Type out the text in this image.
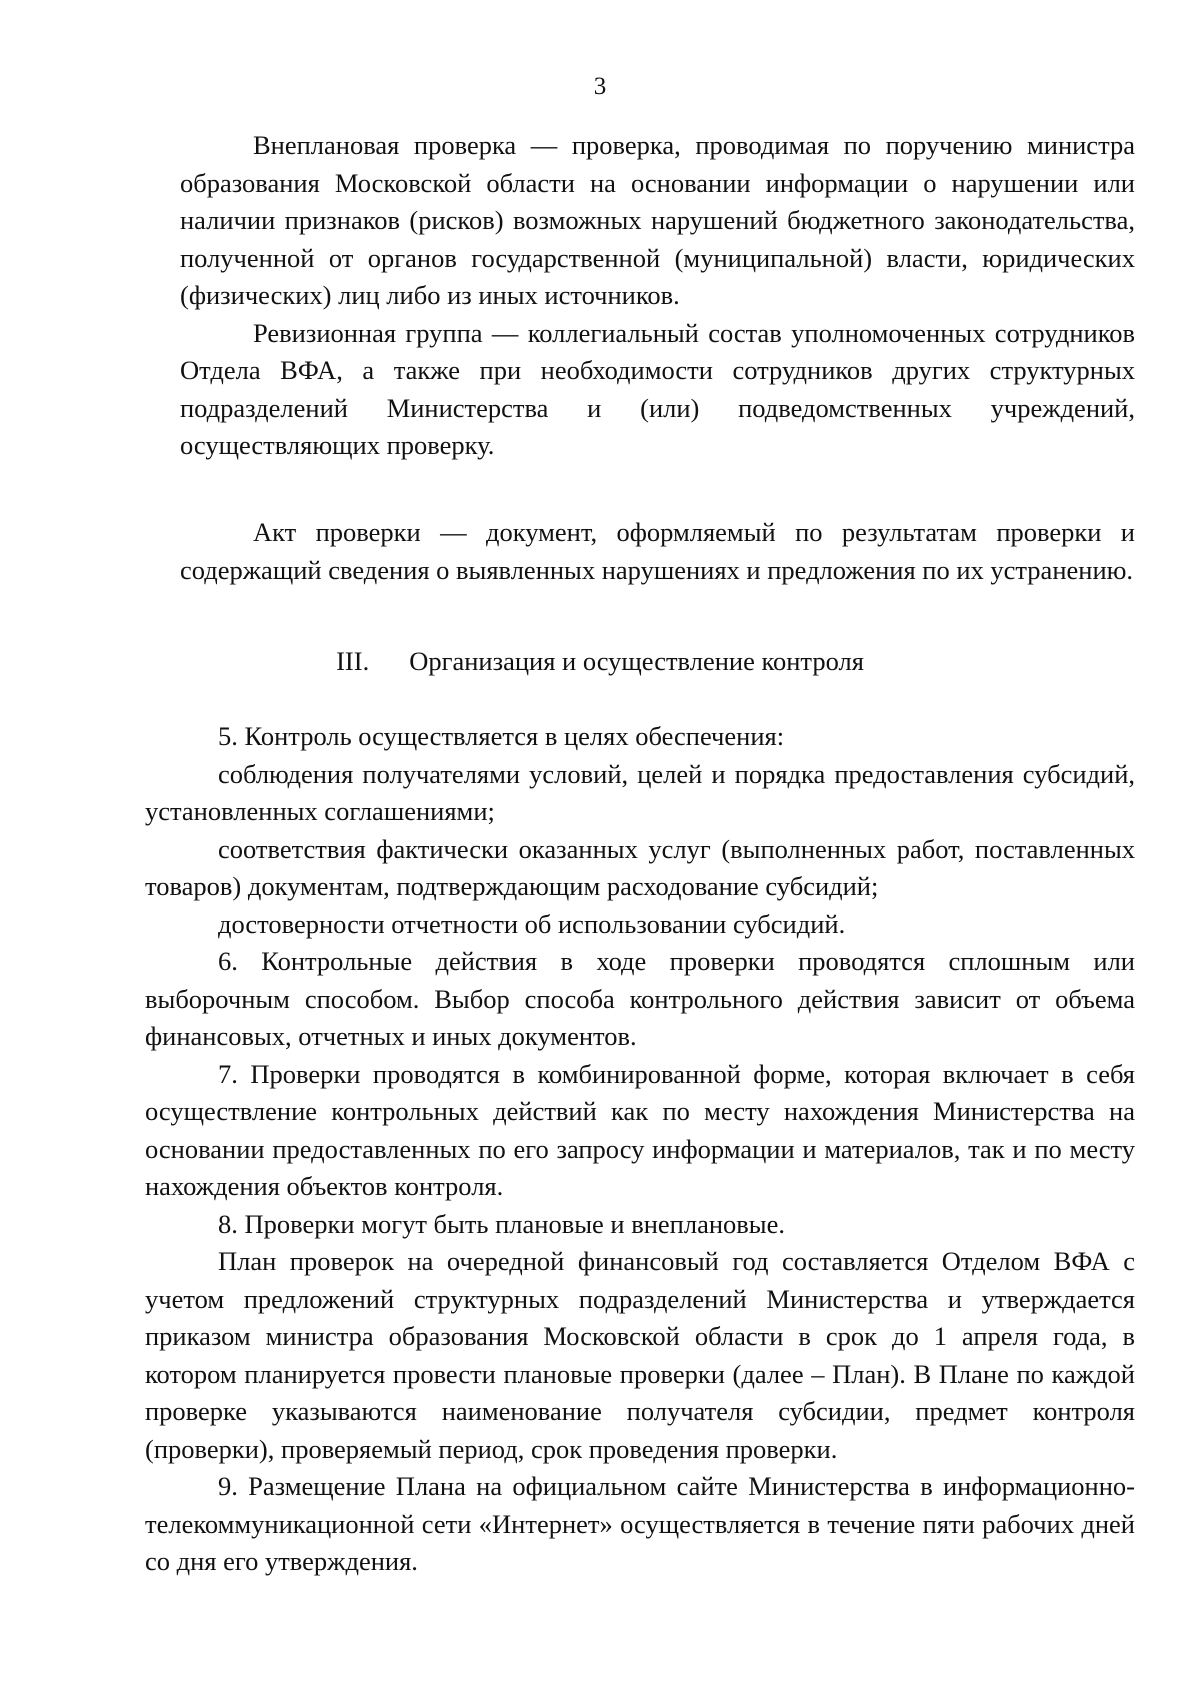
3

Внеплановая проверка — проверка, проводимая по поручению министра образования Московской области на основании информации о нарушении или наличии признаков (рисков) возможных нарушений бюджетного законодательства, полученной от органов государственной (муниципальной) власти, юридических (физических) лиц либо из иных источников.

Ревизионная группа — коллегиальный состав уполномоченных сотрудников Отдела ВФА, а также при необходимости сотрудников других структурных подразделений Министерства и (или) подведомственных учреждений, осуществляющих проверку.

Акт проверки — документ, оформляемый по результатам проверки и содержащий сведения о выявленных нарушениях и предложения по их устранению.

III. Организация и осуществление контроля

5. Контроль осуществляется в целях обеспечения:

соблюдения получателями условий, целей и порядка предоставления субсидий, установленных соглашениями;

соответствия фактически оказанных услуг (выполненных работ, поставленных товаров) документам, подтверждающим расходование субсидий;

достоверности отчетности об использовании субсидий.

6. Контрольные действия в ходе проверки проводятся сплошным или выборочным способом. Выбор способа контрольного действия зависит от объема финансовых, отчетных и иных документов.

7. Проверки проводятся в комбинированной форме, которая включает в себя осуществление контрольных действий как по месту нахождения Министерства на основании предоставленных по его запросу информации и материалов, так и по месту нахождения объектов контроля.

8. Проверки могут быть плановые и внеплановые.

План проверок на очередной финансовый год составляется Отделом ВФА с учетом предложений структурных подразделений Министерства и утверждается приказом министра образования Московской области в срок до 1 апреля года, в котором планируется провести плановые проверки (далее – План). В Плане по каждой проверке указываются наименование получателя субсидии, предмет контроля (проверки), проверяемый период, срок проведения проверки.

9. Размещение Плана на официальном сайте Министерства в информационно-телекоммуникационной сети «Интернет» осуществляется в течение пяти рабочих дней со дня его утверждения.
